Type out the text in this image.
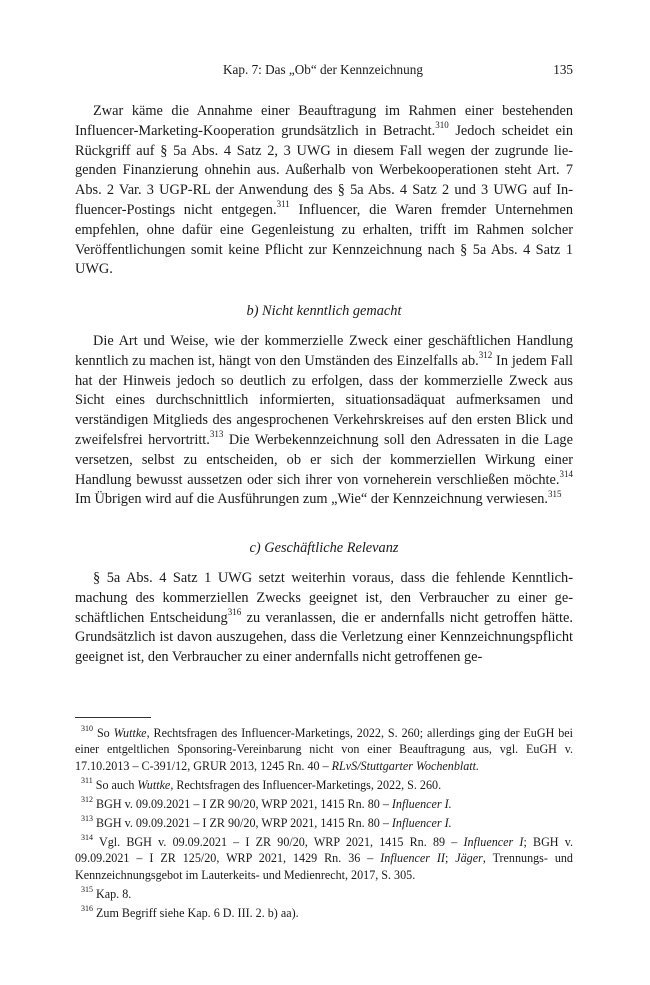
Kap. 7: Das „Ob“ der Kennzeichnung	135

Zwar käme die Annahme einer Beauftragung im Rahmen einer bestehenden Influencer-Marketing-Kooperation grundsätzlich in Betracht.$^{310}$ Jedoch scheidet ein Rückgriff auf § 5a Abs. 4 Satz 2, 3 UWG in diesem Fall wegen der zugrunde liegenden Finanzierung ohnehin aus. Außerhalb von Werbekooperationen steht Art. 7 Abs. 2 Var. 3 UGP-RL der Anwendung des § 5a Abs. 4 Satz 2 und 3 UWG auf Influencer-Postings nicht entgegen.$^{311}$ Influencer, die Waren fremder Unternehmen empfehlen, ohne dafür eine Gegenleistung zu erhalten, trifft im Rahmen solcher Veröffentlichungen somit keine Pflicht zur Kennzeichnung nach § 5a Abs. 4 Satz 1 UWG.

b) Nicht kenntlich gemacht

Die Art und Weise, wie der kommerzielle Zweck einer geschäftlichen Handlung kenntlich zu machen ist, hängt von den Umständen des Einzelfalls ab.$^{312}$ In jedem Fall hat der Hinweis jedoch so deutlich zu erfolgen, dass der kommerzielle Zweck aus Sicht eines durchschnittlich informierten, situationsadäquat aufmerksamen und verständigen Mitglieds des angesprochenen Verkehrskreises auf den ersten Blick und zweifelsfrei hervortritt.$^{313}$ Die Werbekennzeichnung soll den Adressaten in die Lage versetzen, selbst zu entscheiden, ob er sich der kommerziellen Wirkung einer Handlung bewusst aussetzen oder sich ihrer von vorneherein verschließen möchte.$^{314}$ Im Übrigen wird auf die Ausführungen zum „Wie“ der Kennzeichnung verwiesen.$^{315}$

c) Geschäftliche Relevanz

§ 5a Abs. 4 Satz 1 UWG setzt weiterhin voraus, dass die fehlende Kenntlichmachung des kommerziellen Zwecks geeignet ist, den Verbraucher zu einer geschäftlichen Entscheidung$^{316}$ zu veranlassen, die er andernfalls nicht getroffen hätte. Grundsätzlich ist davon auszugehen, dass die Verletzung einer Kennzeichnungspflicht geeignet ist, den Verbraucher zu einer andernfalls nicht getroffenen ge-

$^{310}$ So Wuttke, Rechtsfragen des Influencer-Marketings, 2022, S. 260; allerdings ging der EuGH bei einer entgeltlichen Sponsoring-Vereinbarung nicht von einer Beauftragung aus, vgl. EuGH v. 17.10.2013 – C-391/12, GRUR 2013, 1245 Rn. 40 – RLvS/Stuttgarter Wochenblatt.

$^{311}$ So auch Wuttke, Rechtsfragen des Influencer-Marketings, 2022, S. 260.

$^{312}$ BGH v. 09.09.2021 – I ZR 90/20, WRP 2021, 1415 Rn. 80 – Influencer I.

$^{313}$ BGH v. 09.09.2021 – I ZR 90/20, WRP 2021, 1415 Rn. 80 – Influencer I.

$^{314}$ Vgl. BGH v. 09.09.2021 – I ZR 90/20, WRP 2021, 1415 Rn. 89 – Influencer I; BGH v. 09.09.2021 – I ZR 125/20, WRP 2021, 1429 Rn. 36 – Influencer II; Jäger, Trennungs- und Kennzeichnungsgebot im Lauterkeits- und Medienrecht, 2017, S. 305.

$^{315}$ Kap. 8.

$^{316}$ Zum Begriff siehe Kap. 6 D. III. 2. b) aa).
